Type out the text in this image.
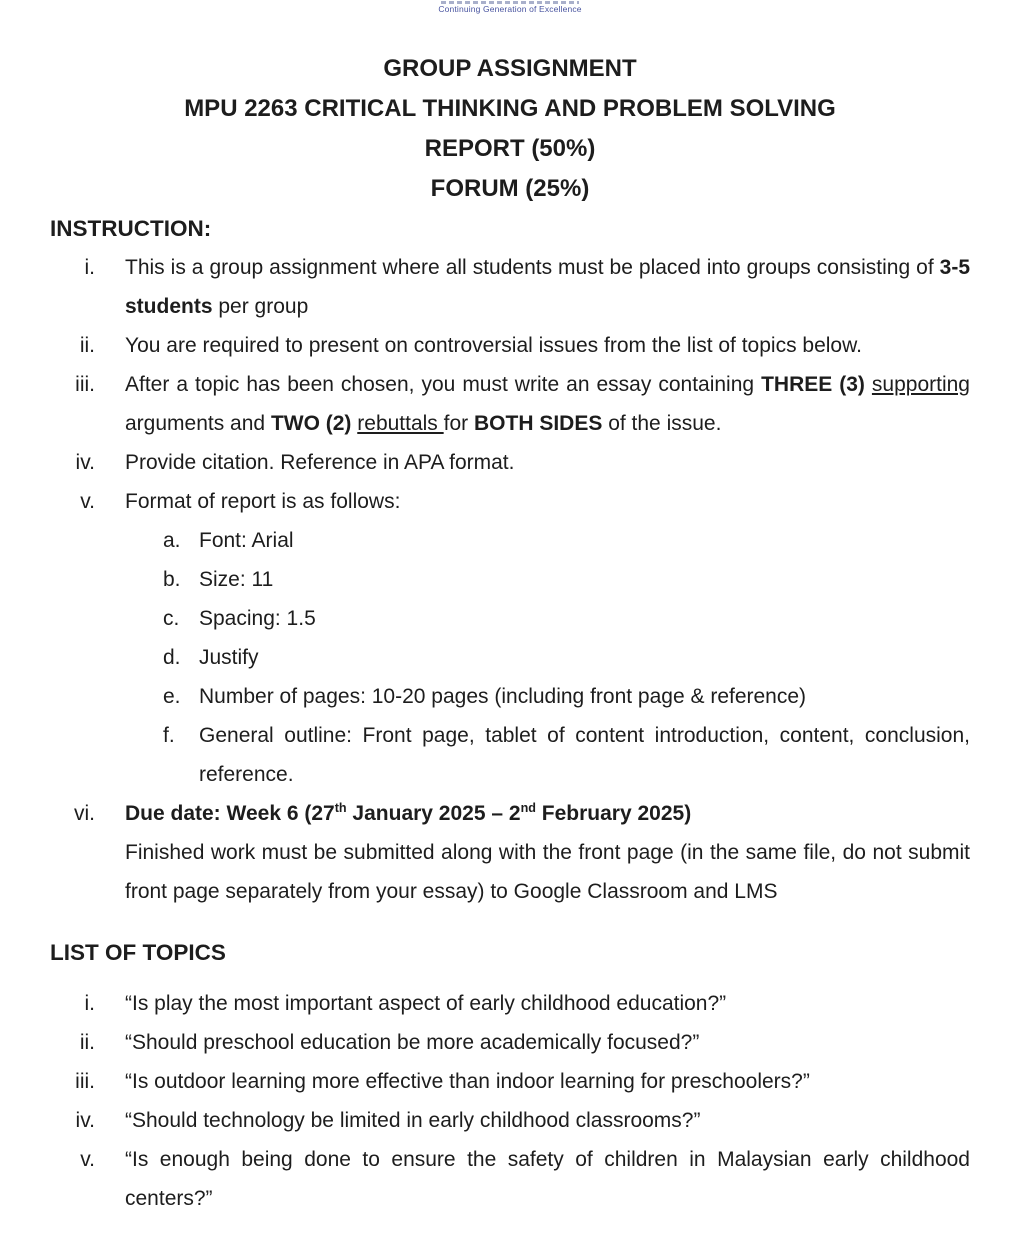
Continuing Generation of Excellence

GROUP ASSIGNMENT

MPU 2263 CRITICAL THINKING AND PROBLEM SOLVING

REPORT (50%)

FORUM (25%)

INSTRUCTION:
i. This is a group assignment where all students must be placed into groups consisting of 3-5 students per group

ii. You are required to present on controversial issues from the list of topics below.

iii. After a topic has been chosen, you must write an essay containing THREE (3) supporting arguments and TWO (2) rebuttals for BOTH SIDES of the issue.

iv. Provide citation. Reference in APA format.

v. Format of report is as follows:

a. Font: Arial

b. Size: 11

c. Spacing: 1.5

d. Justify

e. Number of pages: 10-20 pages (including front page & reference)

f.	General outline: Front page, tablet of content introduction, content, conclusion, reference.

vi. Due date: Week 6 (27th January 2025 – 2nd February 2025)

Finished work must be submitted along with the front page (in the same file, do not submit front page separately from your essay) to Google Classroom and LMS

LIST OF TOPICS
i. “Is play the most important aspect of early childhood education?”

ii. “Should preschool education be more academically focused?”

iii. “Is outdoor learning more effective than indoor learning for preschoolers?”

iv. “Should technology be limited in early childhood classrooms?”

v. “Is enough being done to ensure the safety of children in Malaysian early childhood centers?”
